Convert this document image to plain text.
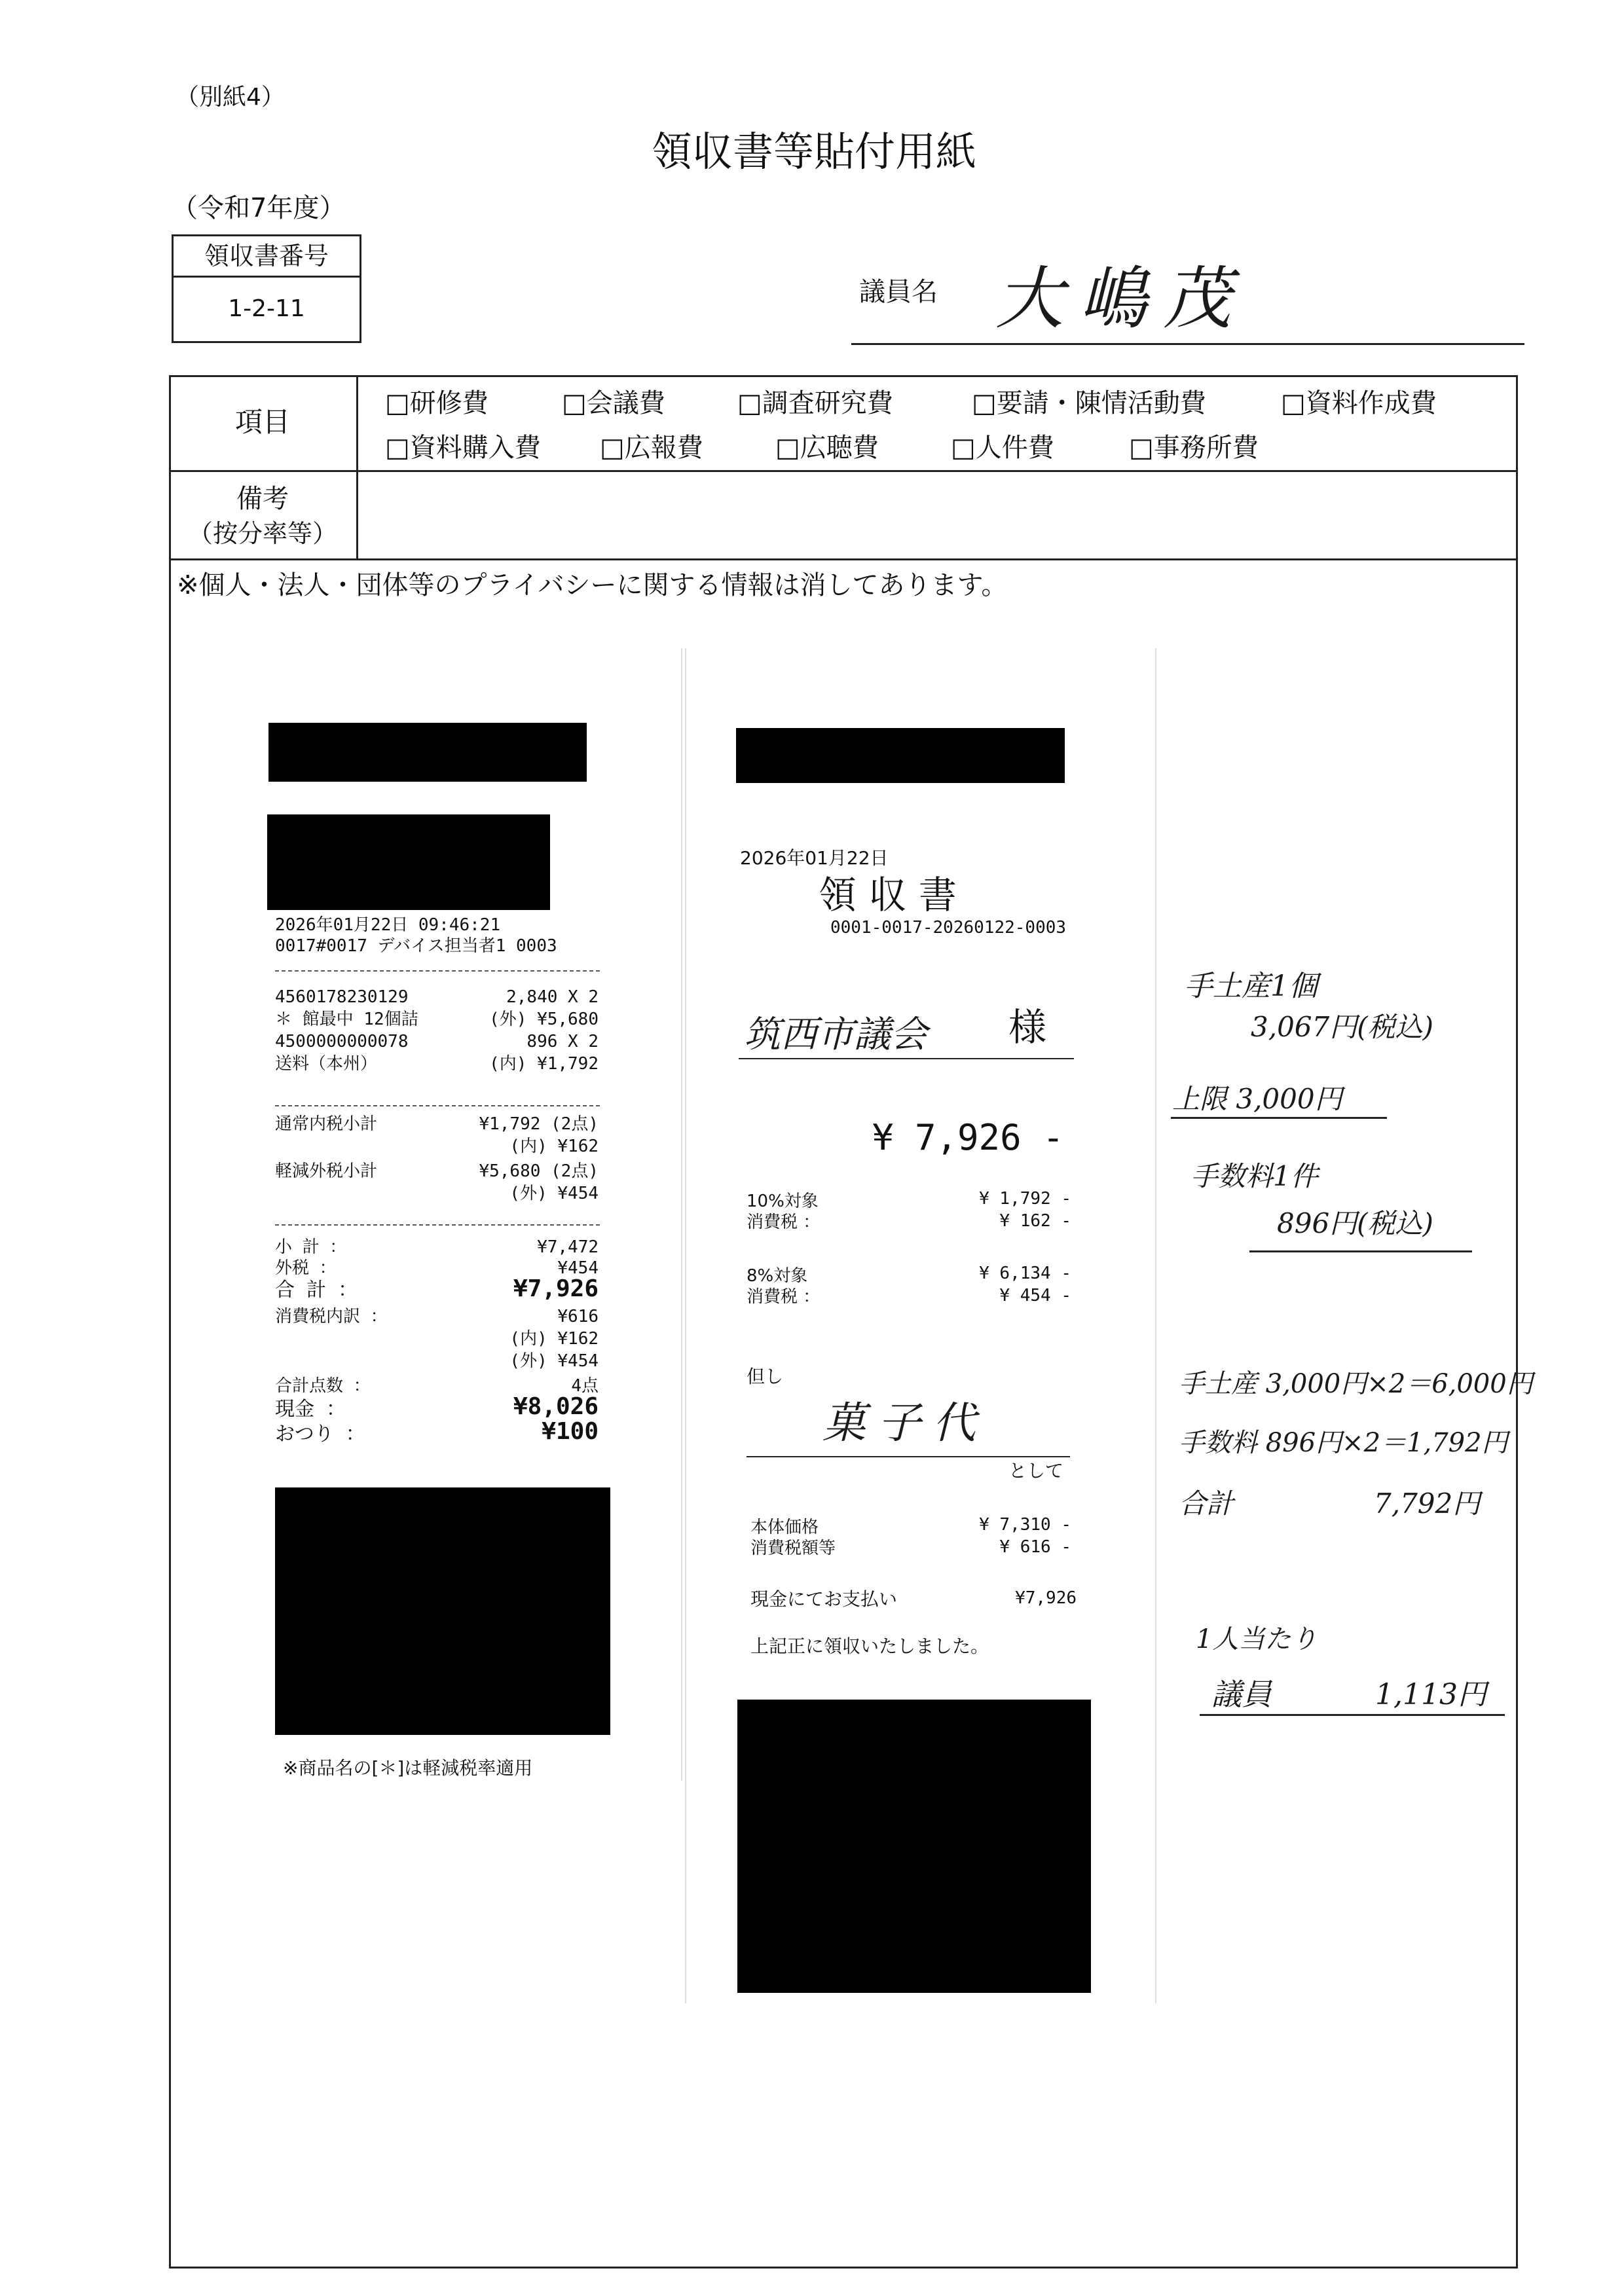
（別紙4）
領収書等貼付用紙
（令和7年度）
領収書番号
1-2-11
議員名 大嶋茂
項目
□研修費	□会議費	□調査研究費	□要請・陳情活動費	□資料作成費
□資料購入費 □広報費	□広聴費	□人件費	□事務所費
備考
（按分率等）
※個人・法人・団体等のプライバシーに関する情報は消してあります。
2026年01月22日 09:46:21
0017#0017 デバイス担当者1 0003
4560178230129	2,840 X 2
＊ 館最中 12個詰	(外) ¥5,680
4500000000078	896 X 2
送料（本州）	(内) ¥1,792
通常内税小計	¥1,792 (2点)
(内) ¥162
軽減外税小計	¥5,680 (2点)
(外) ¥454
小 計 ：	¥7,472
外税 ：	¥454
合 計 ：	¥7,926
消費税内訳 ：	¥616
(内) ¥162
(外) ¥454
合計点数 ：	4点
現金 ：	¥8,026
おつり ：	¥100
※商品名の[＊]は軽減税率適用
2026年01月22日
領 収 書
0001-0017-20260122-0003
筑西市議会 様
¥ 7,926 -
10%対象	¥ 1,792 -
消費税 ：	¥ 162 -
8%対象	¥ 6,134 -
消費税 ：	¥ 454 -
但し
菓子代
として
本体価格	¥ 7,310 -
消費税額等	¥ 616 -
現金にてお支払い	¥7,926
上記正に領収いたしました。
手土産1個
3,067円(税込)
上限 3,000円
手数料1件
896円(税込)
手土産 3,000円×2＝6,000円
手数料 896円×2＝1,792円
合計	7,792円
1人当たり
議員	1,113円
